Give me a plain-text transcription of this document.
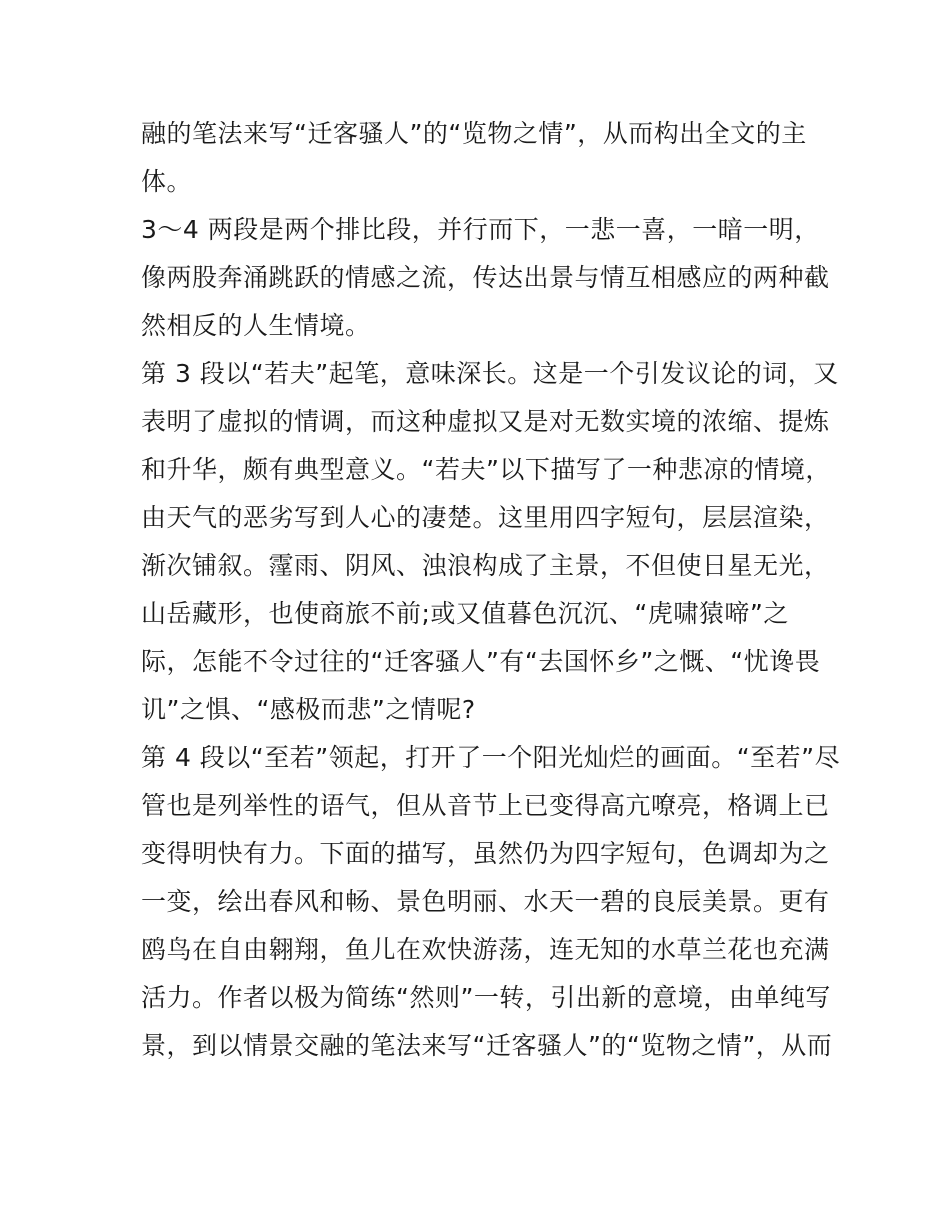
融的笔法来写“迁客骚人”的“览物之情”，从而构出全文的主
体。
3～4 两段是两个排比段，并行而下，一悲一喜，一暗一明，
像两股奔涌跳跃的情感之流，传达出景与情互相感应的两种截
然相反的人生情境。
第 3 段以“若夫”起笔，意味深长。这是一个引发议论的词，又
表明了虚拟的情调，而这种虚拟又是对无数实境的浓缩、提炼
和升华，颇有典型意义。“若夫”以下描写了一种悲凉的情境，
由天气的恶劣写到人心的凄楚。这里用四字短句，层层渲染，
渐次铺叙。霪雨、阴风、浊浪构成了主景，不但使日星无光，
山岳藏形，也使商旅不前;或又值暮色沉沉、“虎啸猿啼”之
际，怎能不令过往的“迁客骚人”有“去国怀乡”之慨、“忧谗畏
讥”之惧、“感极而悲”之情呢?
第 4 段以“至若”领起，打开了一个阳光灿烂的画面。“至若”尽
管也是列举性的语气，但从音节上已变得高亢嘹亮，格调上已
变得明快有力。下面的描写，虽然仍为四字短句，色调却为之
一变，绘出春风和畅、景色明丽、水天一碧的良辰美景。更有
鸥鸟在自由翱翔，鱼儿在欢快游荡，连无知的水草兰花也充满
活力。作者以极为简练“然则”一转，引出新的意境，由单纯写
景，到以情景交融的笔法来写“迁客骚人”的“览物之情”，从而
